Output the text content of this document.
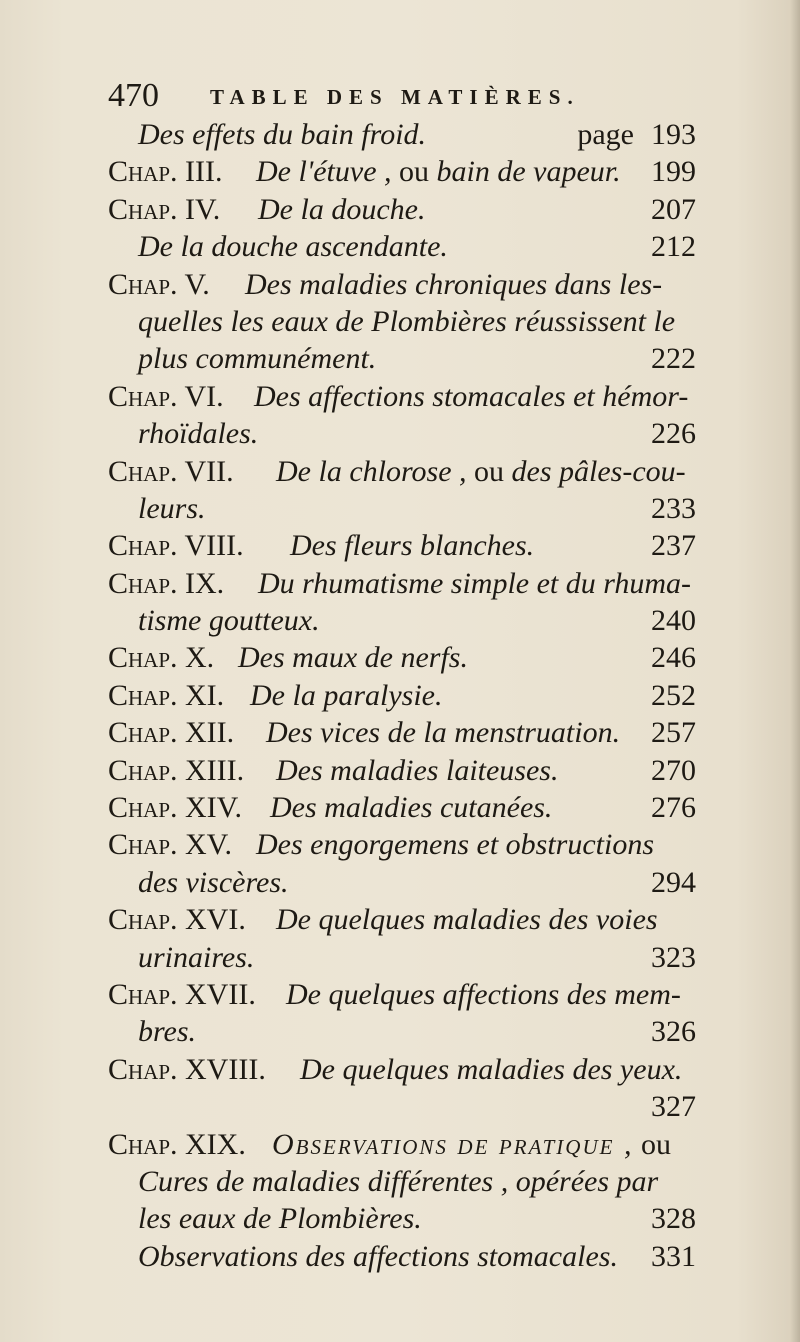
470 TABLE DES MATIÈRES.
Des effets du bain froid.	page 193
Chap. III. De l'étuve , ou bain de vapeur. 199
Chap. IV. De la douche.	207
De la douche ascendante.	212
Chap. V. Des maladies chroniques dans les-
quelles les eaux de Plombières réussissent le
plus communément.	222
Chap. VI. Des affections stomacales et hémor-
rhoïdales.	226
Chap. VII. De la chlorose , ou des pâles-cou-
leurs.	233
Chap. VIII. Des fleurs blanches.	237
Chap. IX. Du rhumatisme simple et du rhuma-
tisme goutteux.	240
Chap. X. Des maux de nerfs.	246
Chap. XI. De la paralysie.	252
Chap. XII. Des vices de la menstruation. 257
Chap. XIII. Des maladies laiteuses.	270
Chap. XIV. Des maladies cutanées.	276
Chap. XV. Des engorgemens et obstructions
des viscères.	294
Chap. XVI. De quelques maladies des voies
urinaires.	323
Chap. XVII. De quelques affections des mem-
bres.	326
Chap. XVIII. De quelques maladies des yeux.
327
Chap. XIX. Observations de pratique , ou
Cures de maladies différentes , opérées par
les eaux de Plombières.	328
Observations des affections stomacales. 331
